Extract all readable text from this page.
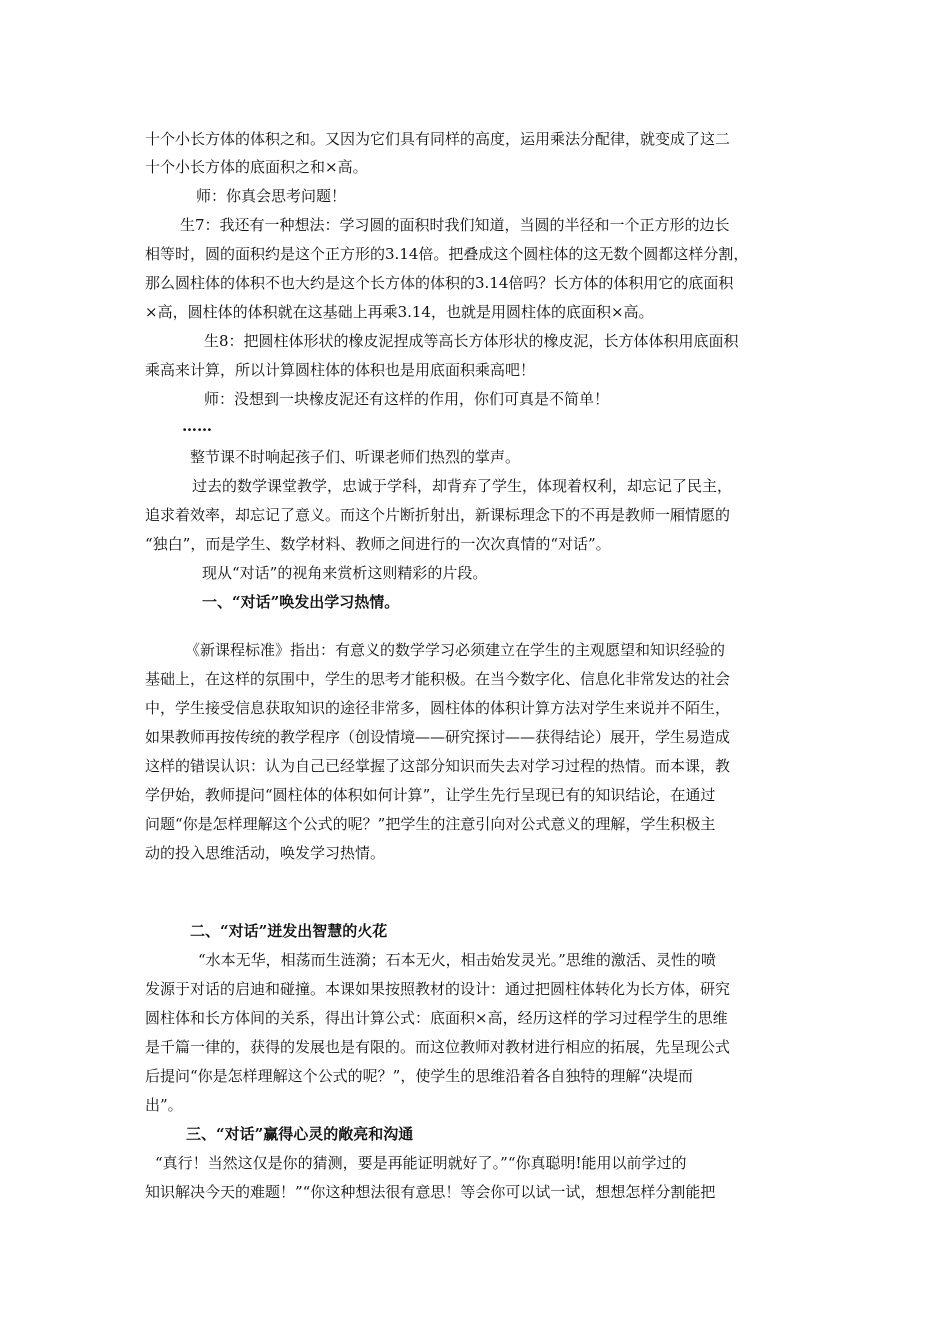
十个小长方体的体积之和。又因为它们具有同样的高度，运用乘法分配律，就变成了这二
十个小长方体的底面积之和×高。
师：你真会思考问题！
生7：我还有一种想法：学习圆的面积时我们知道，当圆的半径和一个正方形的边长
相等时，圆的面积约是这个正方形的3.14倍。把叠成这个圆柱体的这无数个圆都这样分割，
那么圆柱体的体积不也大约是这个长方体的体积的3.14倍吗？长方体的体积用它的底面积
×高，圆柱体的体积就在这基础上再乘3.14，也就是用圆柱体的底面积×高。
生8：把圆柱体形状的橡皮泥捏成等高长方体形状的橡皮泥，长方体体积用底面积
乘高来计算，所以计算圆柱体的体积也是用底面积乘高吧！
师：没想到一块橡皮泥还有这样的作用，你们可真是不简单！
……
整节课不时响起孩子们、听课老师们热烈的掌声。
过去的数学课堂教学，忠诚于学科，却背弃了学生，体现着权利，却忘记了民主，
追求着效率，却忘记了意义。而这个片断折射出，新课标理念下的不再是教师一厢情愿的
“独白”，而是学生、数学材料、教师之间进行的一次次真情的“对话”。
现从“对话”的视角来赏析这则精彩的片段。
一、“对话”唤发出学习热情。
《新课程标准》指出：有意义的数学学习必须建立在学生的主观愿望和知识经验的
基础上，在这样的氛围中，学生的思考才能积极。在当今数字化、信息化非常发达的社会
中，学生接受信息获取知识的途径非常多，圆柱体的体积计算方法对学生来说并不陌生，
如果教师再按传统的教学程序（创设情境——研究探讨——获得结论）展开，学生易造成
这样的错误认识：认为自己已经掌握了这部分知识而失去对学习过程的热情。而本课，教
学伊始，教师提问“圆柱体的体积如何计算”，让学生先行呈现已有的知识结论，在通过
问题“你是怎样理解这个公式的呢？”把学生的注意引向对公式意义的理解，学生积极主
动的投入思维活动，唤发学习热情。
二、“对话”迸发出智慧的火花
“水本无华，相荡而生涟漪；石本无火，相击始发灵光。”思维的激活、灵性的喷
发源于对话的启迪和碰撞。本课如果按照教材的设计：通过把圆柱体转化为长方体，研究
圆柱体和长方体间的关系，得出计算公式：底面积×高，经历这样的学习过程学生的思维
是千篇一律的，获得的发展也是有限的。而这位教师对教材进行相应的拓展，先呈现公式
后提问“你是怎样理解这个公式的呢？”，使学生的思维沿着各自独特的理解“决堤而
出”。
三、“对话”赢得心灵的敞亮和沟通
“真行！当然这仅是你的猜测，要是再能证明就好了。”“你真聪明!能用以前学过的
知识解决今天的难题！”“你这种想法很有意思！等会你可以试一试，想想怎样分割能把
